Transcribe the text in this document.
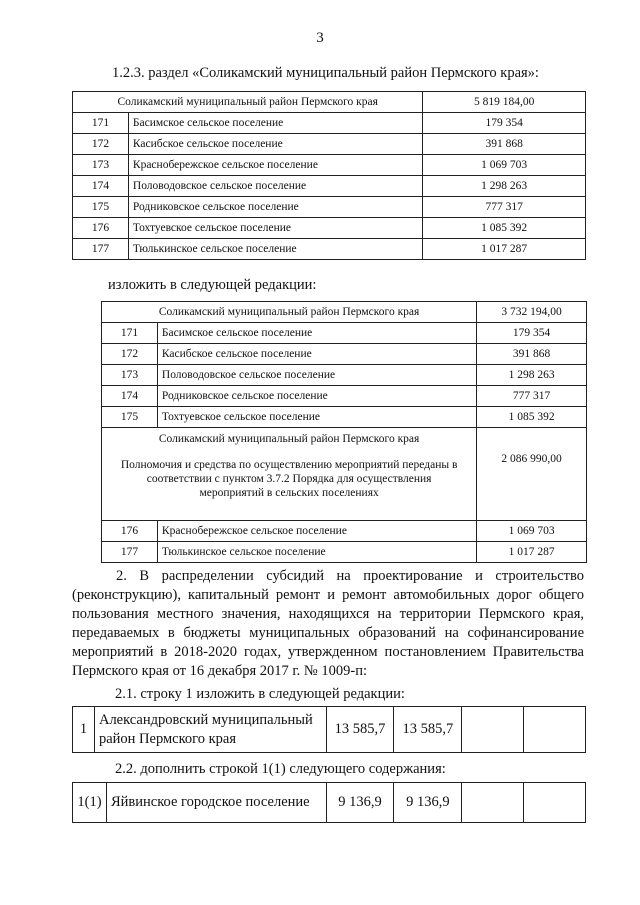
3
1.2.3. раздел «Соликамский муниципальный район Пермского края»:
Соликамский муниципальный район Пермского края		5 819 184,00
171	Басимское сельское поселение	179 354
172	Касибское сельское поселение	391 868
173	Краснобережское сельское поселение	1 069 703
174	Половодовское сельское поселение	1 298 263
175	Родниковское сельское поселение	777 317
176	Тохтуевское сельское поселение	1 085 392
177	Тюлькинское сельское поселение	1 017 287
изложить в следующей редакции:
Соликамский муниципальный район Пермского края		3 732 194,00
171	Басимское сельское поселение	179 354
172	Касибское сельское поселение	391 868
173	Половодовское сельское поселение	1 298 263
174	Родниковское сельское поселение	777 317
175	Тохтуевское сельское поселение	1 085 392

Соликамский муниципальный район Пермского края
Полномочия и средства по осуществлению мероприятий переданы в соответствии с пунктом 3.7.2 Порядка для осуществления мероприятий в сельских поселениях		2 086 990,00
176	Краснобережское сельское поселение	1 069 703
177	Тюлькинское сельское поселение	1 017 287
2. В распределении субсидий на проектирование и строительство (реконструкцию), капитальный ремонт и ремонт автомобильных дорог общего пользования местного значения, находящихся на территории Пермского края, передаваемых в бюджеты муниципальных образований на софинансирование мероприятий в 2018-2020 годах, утвержденном постановлением Правительства Пермского края от 16 декабря 2017 г. № 1009-п:
2.1. строку 1 изложить в следующей редакции:
1	Александровский муниципальный район Пермского края	13 585,7	13 585,7		
2.2. дополнить строкой 1(1) следующего содержания:
1(1)	Яйвинское городское поселение	9 136,9	9 136,9		
